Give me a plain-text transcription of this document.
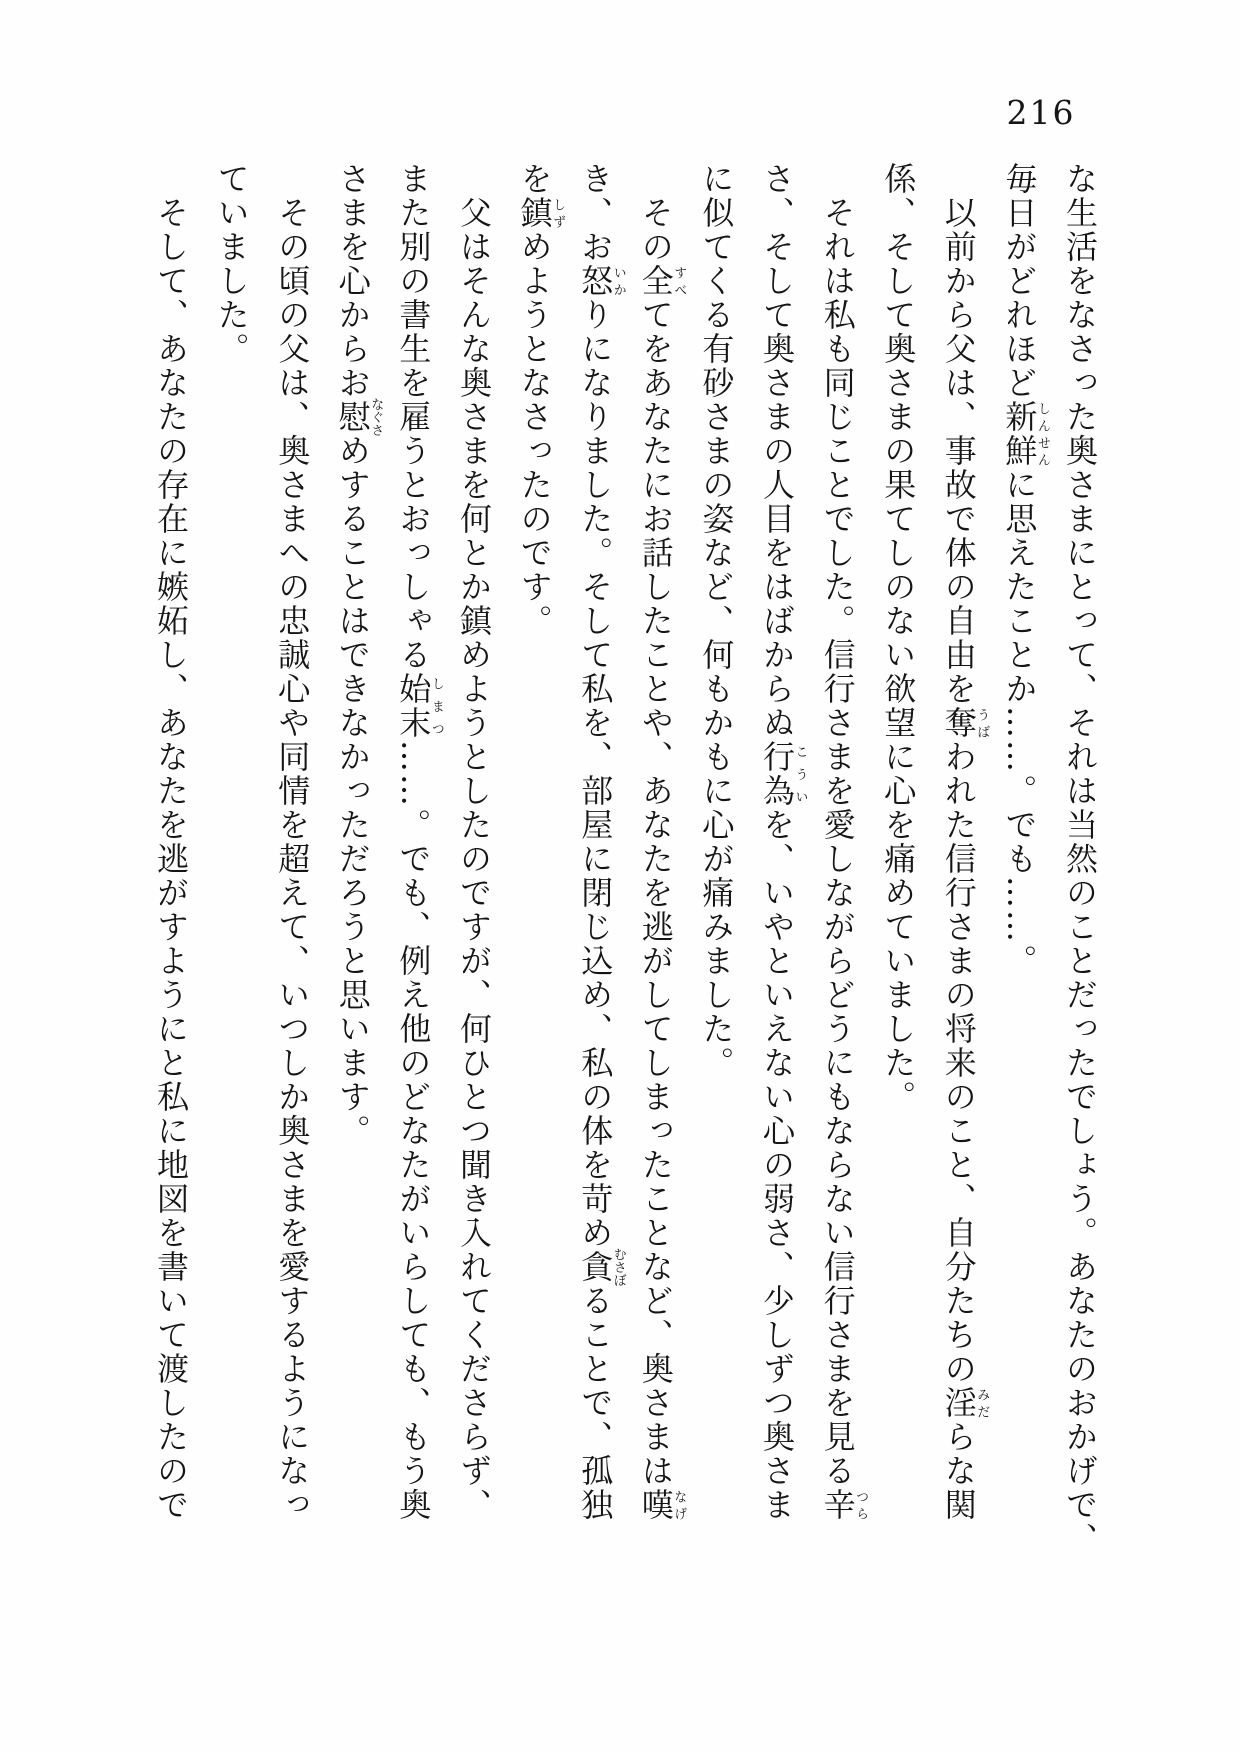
216
な生活をなさった奥さまにとって、それは当然のことだったでしょう。あなたのおかげで、
毎日がどれほど新鮮しんせんに思えたことか……。でも……。
　以前から父は、事故で体の自由を奪うばわれた信行さまの将来のこと、自分たちの淫みだらな関
係、そして奥さまの果てしのない欲望に心を痛めていました。
　それは私も同じことでした。信行さまを愛しながらどうにもならない信行さまを見る辛つら
さ、そして奥さまの人目をはばからぬ行為こういを、いやといえない心の弱さ、少しずつ奥さま
に似てくる有砂さまの姿など、何もかもに心が痛みました。
　その全すべてをあなたにお話したことや、あなたを逃がしてしまったことなど、奥さまは嘆なげ
き、お怒いかりになりました。そして私を、部屋に閉じ込め、私の体を苛め貪むさぼることで、孤独
を鎮しずめようとなさったのです。
　父はそんな奥さまを何とか鎮めようとしたのですが、何ひとつ聞き入れてくださらず、
また別の書生を雇うとおっしゃる始末しまつ……。でも、例え他のどなたがいらしても、もう奥
さまを心からお慰なぐさめすることはできなかっただろうと思います。
　その頃の父は、奥さまへの忠誠心や同情を超えて、いつしか奥さまを愛するようになっ
ていました。
　そして、あなたの存在に嫉妬し、あなたを逃がすようにと私に地図を書いて渡したので
